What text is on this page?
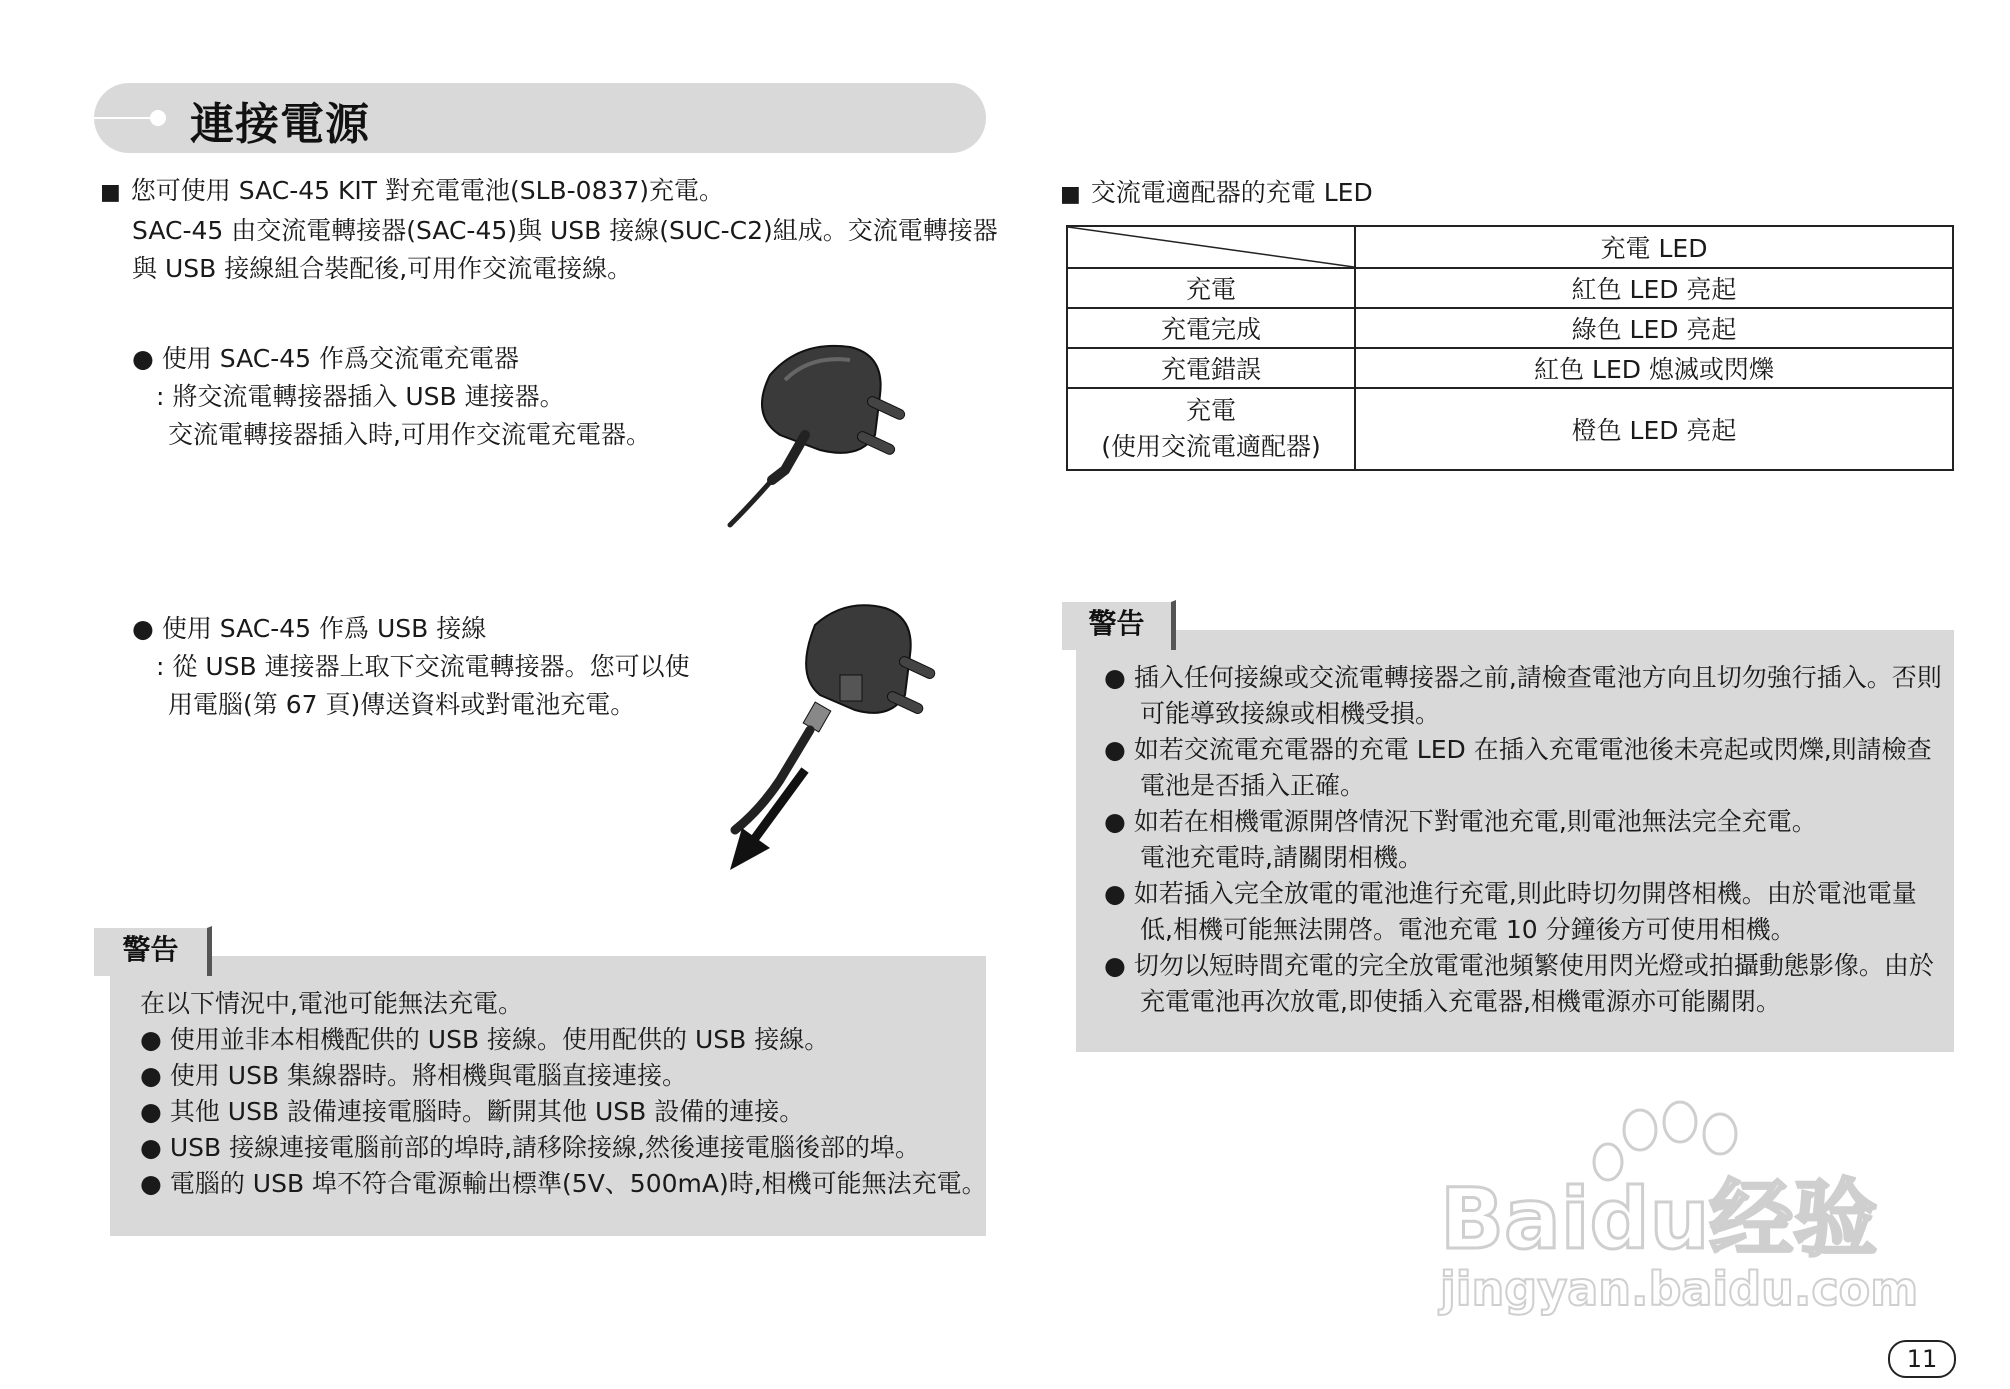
連接電源
■ 您可使用 SAC-45 KIT 對充電電池(SLB-0837)充電。
SAC-45 由交流電轉接器(SAC-45)與 USB 接線(SUC-C2)組成。交流電轉接器
與 USB 接線組合裝配後,可用作交流電接線。
● 使用 SAC-45 作爲交流電充電器
: 將交流電轉接器插入 USB 連接器。
交流電轉接器插入時,可用作交流電充電器。
● 使用 SAC-45 作爲 USB 接線
: 從 USB 連接器上取下交流電轉接器。您可以使
用電腦(第 67 頁)傳送資料或對電池充電。
警告
在以下情況中,電池可能無法充電。
● 使用並非本相機配供的 USB 接線。使用配供的 USB 接線。
● 使用 USB 集線器時。將相機與電腦直接連接。
● 其他 USB 設備連接電腦時。斷開其他 USB 設備的連接。
● USB 接線連接電腦前部的埠時,請移除接線,然後連接電腦後部的埠。
● 電腦的 USB 埠不符合電源輸出標準(5V、500mA)時,相機可能無法充電。
■ 交流電適配器的充電 LED
	充電 LED
充電	紅色 LED 亮起
充電完成	綠色 LED 亮起
充電錯誤	紅色 LED 熄滅或閃爍

充電
(使用交流電適配器)	橙色 LED 亮起
警告
● 插入任何接線或交流電轉接器之前,請檢查電池方向且切勿強行插入。否則
可能導致接線或相機受損。
● 如若交流電充電器的充電 LED 在插入充電電池後未亮起或閃爍,則請檢查
電池是否插入正確。
● 如若在相機電源開啓情況下對電池充電,則電池無法完全充電。
電池充電時,請關閉相機。
● 如若插入完全放電的電池進行充電,則此時切勿開啓相機。由於電池電量
低,相機可能無法開啓。電池充電 10 分鐘後方可使用相機。
● 切勿以短時間充電的完全放電電池頻繁使用閃光燈或拍攝動態影像。由於
充電電池再次放電,即使插入充電器,相機電源亦可能關閉。
Baidu经验
jingyan.baidu.com
11
